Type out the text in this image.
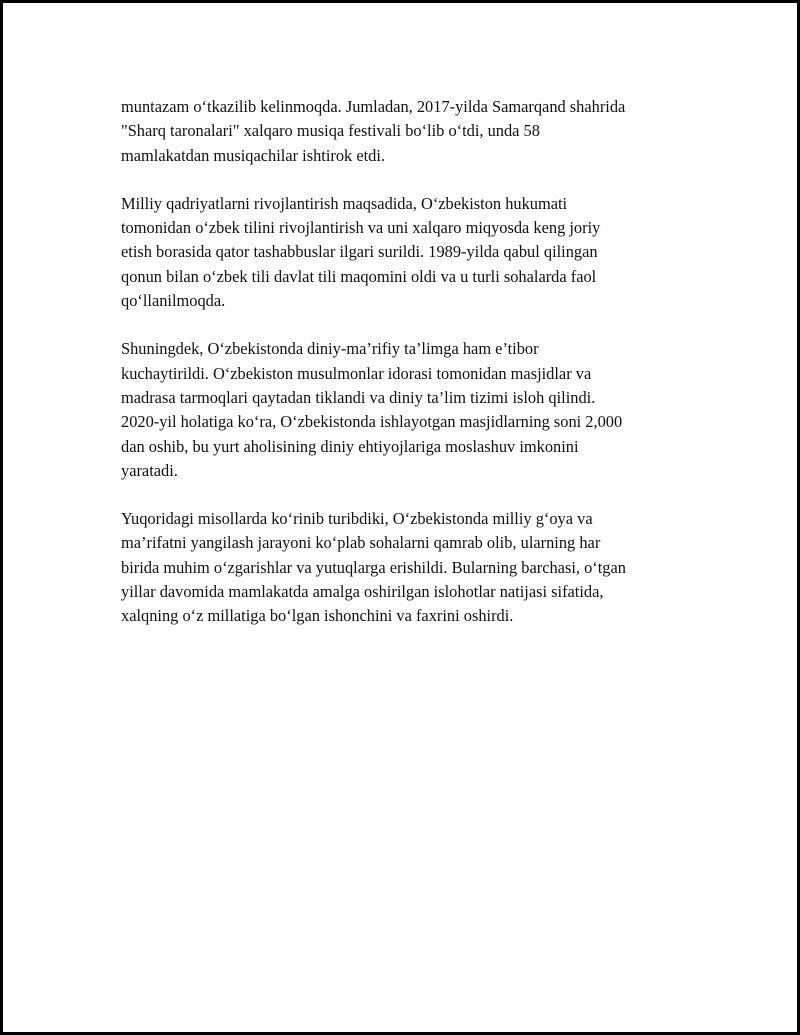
muntazam o‘tkazilib kelinmoqda. Jumladan, 2017-yilda Samarqand shahrida
"Sharq taronalari" xalqaro musiqa festivali bo‘lib o‘tdi, unda 58
mamlakatdan musiqachilar ishtirok etdi.

Milliy qadriyatlarni rivojlantirish maqsadida, O‘zbekiston hukumati
tomonidan o‘zbek tilini rivojlantirish va uni xalqaro miqyosda keng joriy
etish borasida qator tashabbuslar ilgari surildi. 1989-yilda qabul qilingan
qonun bilan o‘zbek tili davlat tili maqomini oldi va u turli sohalarda faol
qo‘llanilmoqda.

Shuningdek, O‘zbekistonda diniy-ma’rifiy ta’limga ham e’tibor
kuchaytirildi. O‘zbekiston musulmonlar idorasi tomonidan masjidlar va
madrasa tarmoqlari qaytadan tiklandi va diniy ta’lim tizimi isloh qilindi.
2020-yil holatiga ko‘ra, O‘zbekistonda ishlayotgan masjidlarning soni 2,000
dan oshib, bu yurt aholisining diniy ehtiyojlariga moslashuv imkonini
yaratadi.

Yuqoridagi misollarda ko‘rinib turibdiki, O‘zbekistonda milliy g‘oya va
ma’rifatni yangilash jarayoni ko‘plab sohalarni qamrab olib, ularning har
birida muhim o‘zgarishlar va yutuqlarga erishildi. Bularning barchasi, o‘tgan
yillar davomida mamlakatda amalga oshirilgan islohotlar natijasi sifatida,
xalqning o‘z millatiga bo‘lgan ishonchini va faxrini oshirdi.
